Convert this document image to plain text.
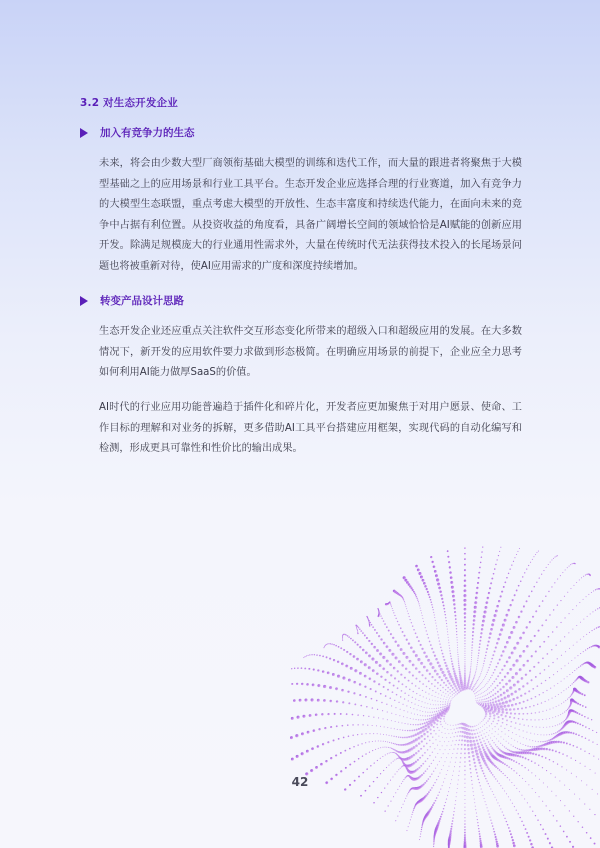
3.2 对生态开发企业
加入有竞争力的生态

未来，将会由少数大型厂商领衔基础大模型的训练和迭代工作，而大量的跟进者将聚焦于大模型基础之上的应用场景和行业工具平台。生态开发企业应选择合理的行业赛道，加入有竞争力的大模型生态联盟，重点考虑大模型的开放性、生态丰富度和持续迭代能力，在面向未来的竞争中占据有利位置。从投资收益的角度看，具备广阔增长空间的领域恰恰是AI赋能的创新应用开发。除满足规模庞大的行业通用性需求外，大量在传统时代无法获得技术投入的长尾场景问题也将被重新对待，使AI应用需求的广度和深度持续增加。

转变产品设计思路

生态开发企业还应重点关注软件交互形态变化所带来的超级入口和超级应用的发展。在大多数情况下，新开发的应用软件要力求做到形态极简。在明确应用场景的前提下，企业应全力思考如何利用AI能力做厚SaaS的价值。

AI时代的行业应用功能普遍趋于插件化和碎片化，开发者应更加聚焦于对用户愿景、使命、工作目标的理解和对业务的拆解，更多借助AI工具平台搭建应用框架，实现代码的自动化编写和检测，形成更具可靠性和性价比的输出成果。

42
